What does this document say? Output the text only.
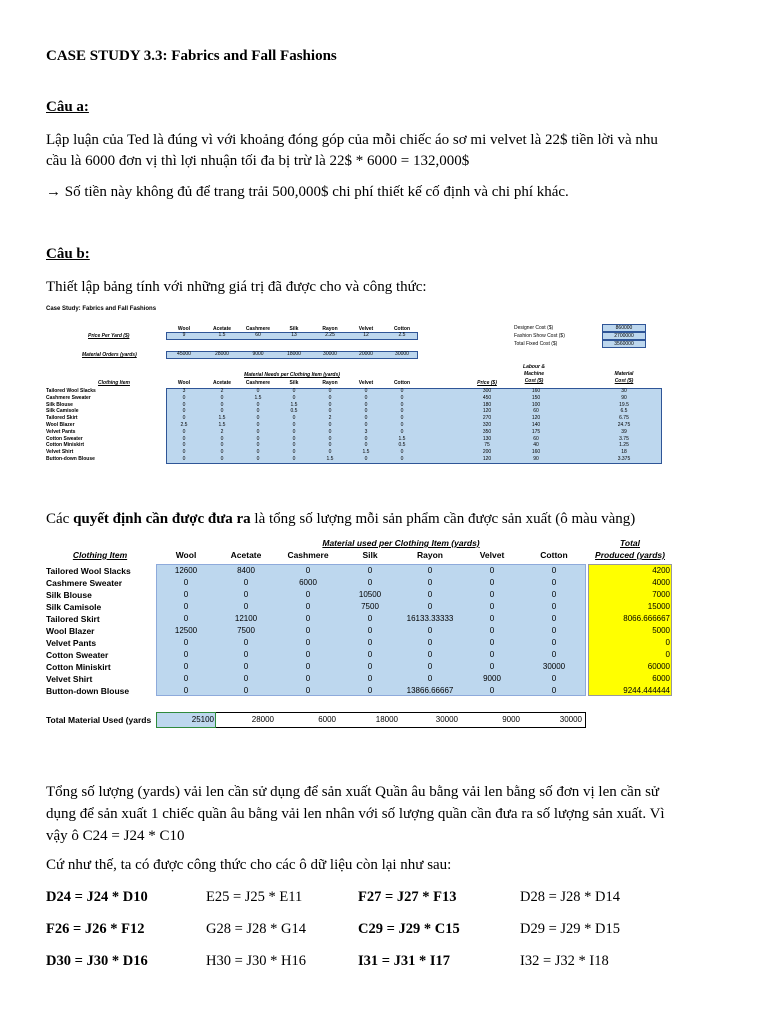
CASE STUDY 3.3: Fabrics and Fall Fashions
Câu a:
Lập luận của Ted là đúng vì với khoảng đóng góp của mỗi chiếc áo sơ mi velvet là 22$ tiền lời và nhu
cầu là 6000 đơn vị thì lợi nhuận tối đa bị trừ là 22$ * 6000 = 132,000$
→ Số tiền này không đủ để trang trải 500,000$ chi phí thiết kế cố định và chi phí khác.
Câu b:
Thiết lập bảng tính với những giá trị đã được cho và công thức:
Case Study: Fabrics and Fall Fashions
Wool	Acetate	Cashmere	Silk	Rayon	Velvet	Cotton
Price Per Yard ($)	9	1.5	60	13	2.25	12	2.5
Material Orders (yards)	45000	28000	9000	18000	30000	20000	30000
Designer Cost ($)	860000
Fashion Show Cost ($)	2700000
Total Fixed Cost ($)	3560000
Material Needs per Clothing Item (yards)
Labour &
Machine
Cost ($)
Material
Cost ($)
Clothing Item	Wool	Acetate	Cashmere	Silk	Rayon	Velvet	Cotton	Price ($)
Tailored Wool Slacks	3	2	0	0	0	0	0	300	160	30
Cashmere Sweater	0	0	1.5	0	0	0	0	450	150	90
Silk Blouse	0	0	0	1.5	0	0	0	180	100	19.5
Silk Camisole	0	0	0	0.5	0	0	0	120	60	6.5
Tailored Skirt	0	1.5	0	0	2	0	0	270	120	6.75
Wool Blazer	2.5	1.5	0	0	0	0	0	320	140	24.75
Velvet Pants	0	2	0	0	0	3	0	350	175	39
Cotton Sweater	0	0	0	0	0	0	1.5	130	60	3.75
Cotton Miniskirt	0	0	0	0	0	0	0.5	75	40	1.25
Velvet Shirt	0	0	0	0	0	1.5	0	200	160	18
Button-down Blouse	0	0	0	0	1.5	0	0	120	90	3.375
Các quyết định cần được đưa ra là tổng số lượng mỗi sản phẩm cần được sản xuất (ô màu vàng)
Material used per Clothing Item (yards)	Total
Produced (yards)
Clothing Item	Wool	Acetate	Cashmere	Silk	Rayon	Velvet	Cotton
Tailored Wool Slacks	12600	8400	0	0	0	0	0	4200
Cashmere Sweater	0	0	6000	0	0	0	0	4000
Silk Blouse	0	0	0	10500	0	0	0	7000
Silk Camisole	0	0	0	7500	0	0	0	15000
Tailored Skirt	0	12100	0	0	16133.33333	0	0	8066.666667
Wool Blazer	12500	7500	0	0	0	0	0	5000
Velvet Pants	0	0	0	0	0	0	0	0
Cotton Sweater	0	0	0	0	0	0	0	0
Cotton Miniskirt	0	0	0	0	0	0	30000	60000
Velvet Shirt	0	0	0	0	0	9000	0	6000
Button-down Blouse	0	0	0	0	13866.66667	0	0	9244.444444
Total Material Used (yards	25100	28000	6000	18000	30000	9000	30000
Tổng số lượng (yards) vải len cần sử dụng để sản xuất Quần âu bằng vải len bằng số đơn vị len cần sử
dụng để sản xuất 1 chiếc quần âu bằng vải len nhân với số lượng quần cần đưa ra số lượng sản xuất. Vì
vậy ô C24 = J24 * C10
Cứ như thế, ta có được công thức cho các ô dữ liệu còn lại như sau:
D24 = J24 * D10	E25 = J25 * E11	F27 = J27 * F13	D28 = J28 * D14
F26 = J26 * F12	G28 = J28 * G14	C29 = J29 * C15	D29 = J29 * D15
D30 = J30 * D16	H30 = J30 * H16	I31 = J31 * I17	I32 = J32 * I18
